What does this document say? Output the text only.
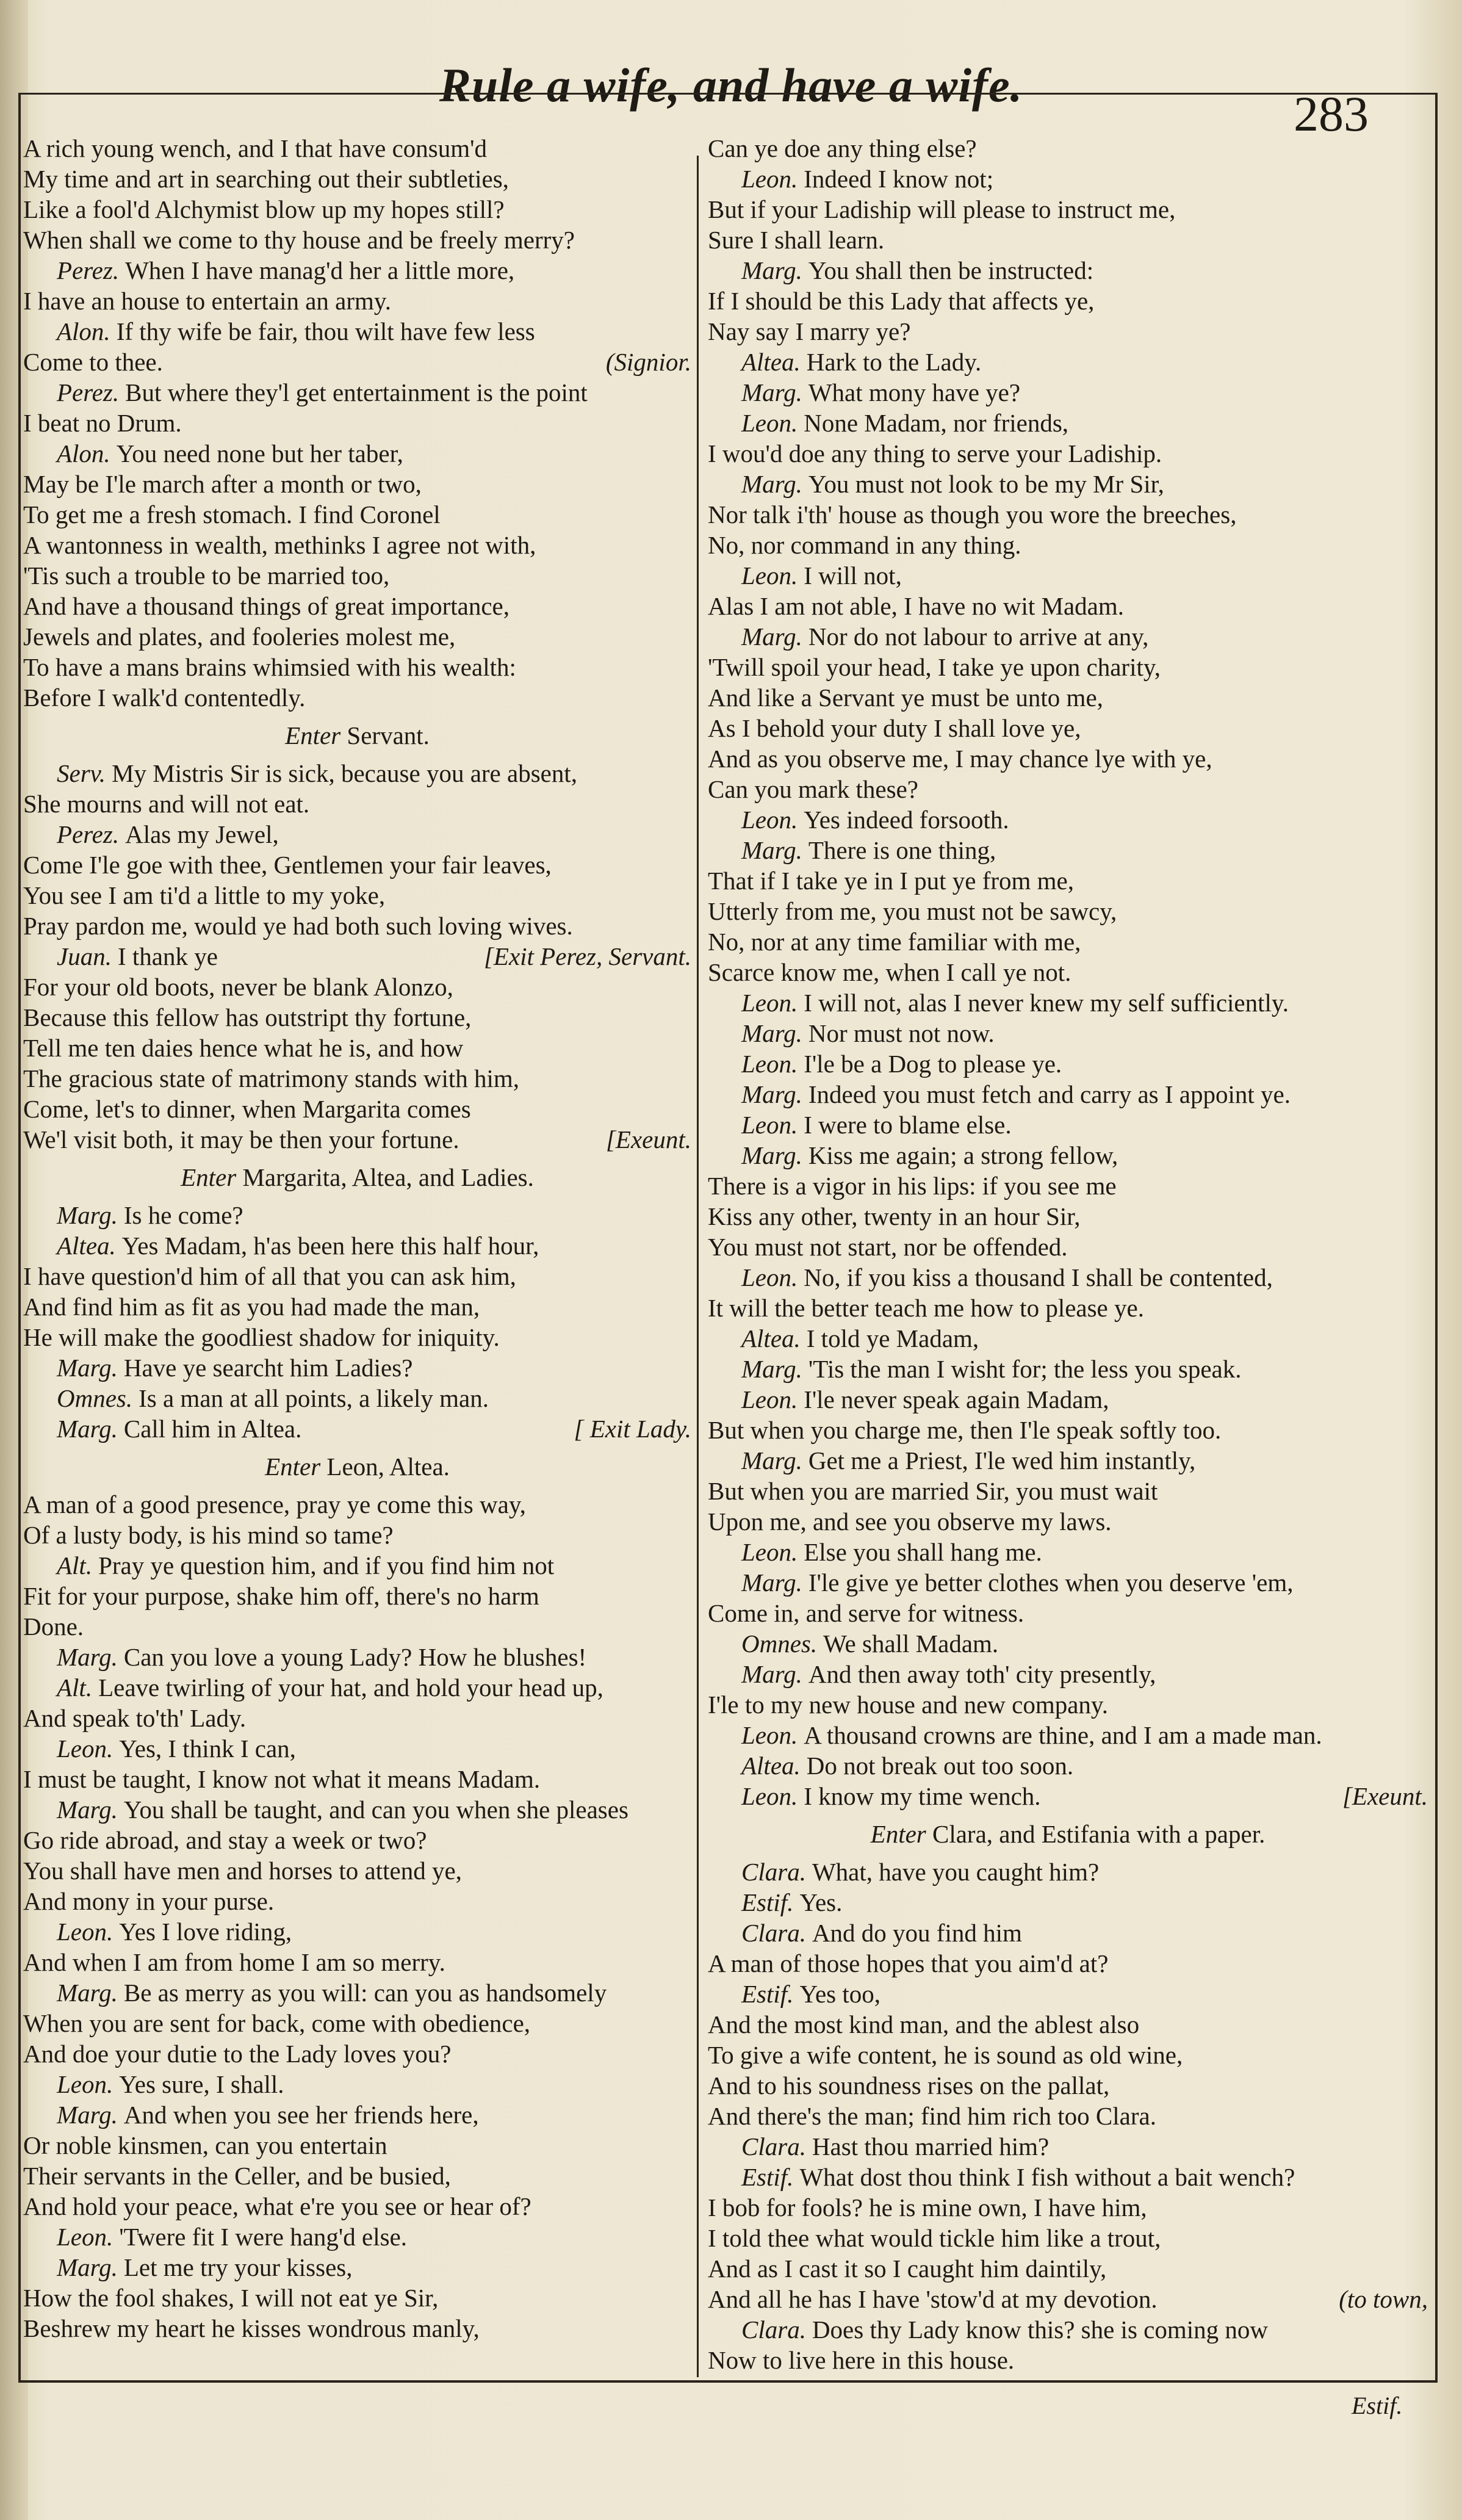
Rule a wife, and have a wife.
283
A rich young wench, and I that have consum'd
My time and art in searching out their subtleties,
Like a fool'd Alchymist blow up my hopes still?
When shall we come to thy house and be freely merry?
Perez. When I have manag'd her a little more,
I have an house to entertain an army.
Alon. If thy wife be fair, thou wilt have few less
Come to thee.	(Signior.
Perez. But where they'l get entertainment is the point
I beat no Drum.
Alon. You need none but her taber,
May be I'le march after a month or two,
To get me a fresh stomach. I find Coronel
A wantonness in wealth, methinks I agree not with,
'Tis such a trouble to be married too,
And have a thousand things of great importance,
Jewels and plates, and fooleries molest me,
To have a mans brains whimsied with his wealth:
Before I walk'd contentedly.
Enter Servant.
Serv. My Mistris Sir is sick, because you are absent,
She mourns and will not eat.
Perez. Alas my Jewel,
Come I'le goe with thee, Gentlemen your fair leaves,
You see I am ti'd a little to my yoke,
Pray pardon me, would ye had both such loving wives.
Juan. I thank ye	[Exit Perez, Servant.
For your old boots, never be blank Alonzo,
Because this fellow has outstript thy fortune,
Tell me ten daies hence what he is, and how
The gracious state of matrimony stands with him,
Come, let's to dinner, when Margarita comes
We'l visit both, it may be then your fortune.	[Exeunt.
Enter Margarita, Altea, and Ladies.
Marg. Is he come?
Altea. Yes Madam, h'as been here this half hour,
I have question'd him of all that you can ask him,
And find him as fit as you had made the man,
He will make the goodliest shadow for iniquity.
Marg. Have ye searcht him Ladies?
Omnes. Is a man at all points, a likely man.
Marg. Call him in Altea.	[ Exit Lady.
Enter Leon, Altea.
A man of a good presence, pray ye come this way,
Of a lusty body, is his mind so tame?
Alt. Pray ye question him, and if you find him not
Fit for your purpose, shake him off, there's no harm
Done.
Marg. Can you love a young Lady? How he blushes!
Alt. Leave twirling of your hat, and hold your head up,
And speak to'th' Lady.
Leon. Yes, I think I can,
I must be taught, I know not what it means Madam.
Marg. You shall be taught, and can you when she pleases
Go ride abroad, and stay a week or two?
You shall have men and horses to attend ye,
And mony in your purse.
Leon. Yes I love riding,
And when I am from home I am so merry.
Marg. Be as merry as you will: can you as handsomely
When you are sent for back, come with obedience,
And doe your dutie to the Lady loves you?
Leon. Yes sure, I shall.
Marg. And when you see her friends here,
Or noble kinsmen, can you entertain
Their servants in the Celler, and be busied,
And hold your peace, what e're you see or hear of?
Leon. 'Twere fit I were hang'd else.
Marg. Let me try your kisses,
How the fool shakes, I will not eat ye Sir,
Beshrew my heart he kisses wondrous manly,
Can ye doe any thing else?
Leon. Indeed I know not;
But if your Ladiship will please to instruct me,
Sure I shall learn.
Marg. You shall then be instructed:
If I should be this Lady that affects ye,
Nay say I marry ye?
Altea. Hark to the Lady.
Marg. What mony have ye?
Leon. None Madam, nor friends,
I wou'd doe any thing to serve your Ladiship.
Marg. You must not look to be my Mr Sir,
Nor talk i'th' house as though you wore the breeches,
No, nor command in any thing.
Leon. I will not,
Alas I am not able, I have no wit Madam.
Marg. Nor do not labour to arrive at any,
'Twill spoil your head, I take ye upon charity,
And like a Servant ye must be unto me,
As I behold your duty I shall love ye,
And as you observe me, I may chance lye with ye,
Can you mark these?
Leon. Yes indeed forsooth.
Marg. There is one thing,
That if I take ye in I put ye from me,
Utterly from me, you must not be sawcy,
No, nor at any time familiar with me,
Scarce know me, when I call ye not.
Leon. I will not, alas I never knew my self sufficiently.
Marg. Nor must not now.
Leon. I'le be a Dog to please ye.
Marg. Indeed you must fetch and carry as I appoint ye.
Leon. I were to blame else.
Marg. Kiss me again; a strong fellow,
There is a vigor in his lips: if you see me
Kiss any other, twenty in an hour Sir,
You must not start, nor be offended.
Leon. No, if you kiss a thousand I shall be contented,
It will the better teach me how to please ye.
Altea. I told ye Madam,
Marg. 'Tis the man I wisht for; the less you speak.
Leon. I'le never speak again Madam,
But when you charge me, then I'le speak softly too.
Marg. Get me a Priest, I'le wed him instantly,
But when you are married Sir, you must wait
Upon me, and see you observe my laws.
Leon. Else you shall hang me.
Marg. I'le give ye better clothes when you deserve 'em,
Come in, and serve for witness.
Omnes. We shall Madam.
Marg. And then away toth' city presently,
I'le to my new house and new company.
Leon. A thousand crowns are thine, and I am a made man.
Altea. Do not break out too soon.
Leon. I know my time wench.	[Exeunt.
Enter Clara, and Estifania with a paper.
Clara. What, have you caught him?
Estif. Yes.
Clara. And do you find him
A man of those hopes that you aim'd at?
Estif. Yes too,
And the most kind man, and the ablest also
To give a wife content, he is sound as old wine,
And to his soundness rises on the pallat,
And there's the man; find him rich too Clara.
Clara. Hast thou married him?
Estif. What dost thou think I fish without a bait wench?
I bob for fools? he is mine own, I have him,
I told thee what would tickle him like a trout,
And as I cast it so I caught him daintily,
And all he has I have 'stow'd at my devotion.	(to town,
Clara. Does thy Lady know this? she is coming now
Now to live here in this house.
Estif.
